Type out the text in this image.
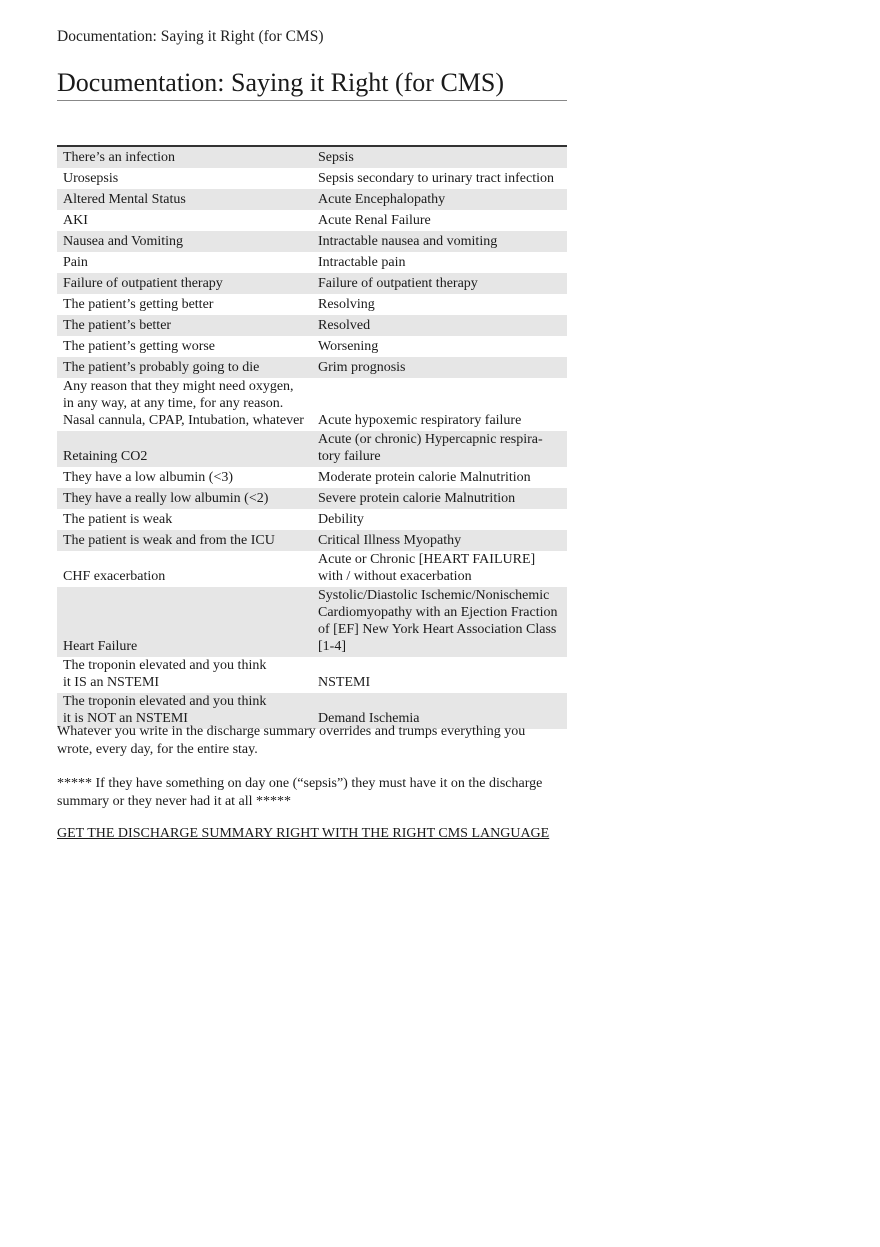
Documentation: Saying it Right (for CMS)
Documentation: Saying it Right (for CMS)
There’s an infection	Sepsis

Urosepsis	Sepsis secondary to urinary tract infection

Altered Mental Status	Acute Encephalopathy

AKI	Acute Renal Failure

Nausea and Vomiting	Intractable nausea and vomiting

Pain	Intractable pain

Failure of outpatient therapy	Failure of outpatient therapy

The patient’s getting better	Resolving

The patient’s better	Resolved

The patient’s getting worse	Worsening

The patient’s probably going to die	Grim prognosis

Any reason that they might need oxygen,
in any way, at any time, for any reason.
Nasal cannula, CPAP, Intubation, whatever	Acute hypoxemic respiratory failure

Retaining CO2	Acute (or chronic) Hypercapnic respira-
tory failure

They have a low albumin (<3)	Moderate protein calorie Malnutrition

They have a really low albumin (<2)	Severe protein calorie Malnutrition

The patient is weak	Debility

The patient is weak and from the ICU	Critical Illness Myopathy

CHF exacerbation	Acute or Chronic [HEART FAILURE]
with / without exacerbation

Heart Failure	Systolic/Diastolic Ischemic/Nonischemic
Cardiomyopathy with an Ejection Fraction
of [EF] New York Heart Association Class
[1-4]

The troponin elevated and you think
it IS an NSTEMI	NSTEMI

The troponin elevated and you think
it is NOT an NSTEMI	Demand Ischemia

Whatever you write in the discharge summary overrides and trumps everything you wrote, every day, for the entire stay.

***** If they have something on day one (“sepsis”) they must have it on the discharge summary or they never had it at all *****

GET THE DISCHARGE SUMMARY RIGHT WITH THE RIGHT CMS LANGUAGE
